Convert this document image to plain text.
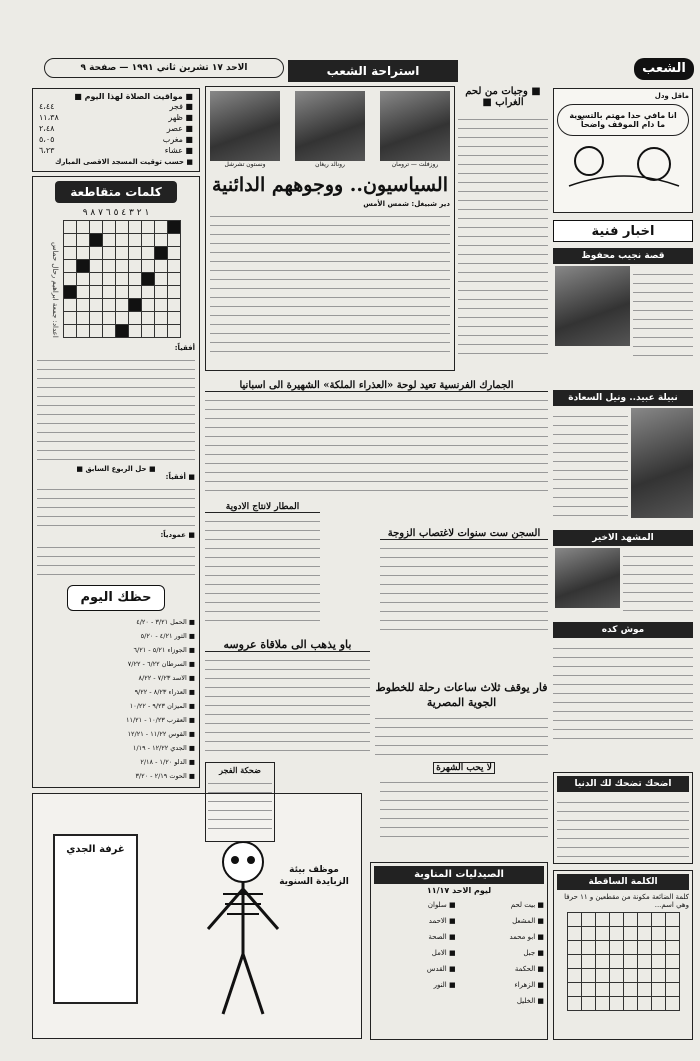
الشعب
الاحد ١٧ تشرين ثاني ١٩٩١ — صفحة ٩
■ مواقيت الصلاة لهذا اليوم ■
■ فجر
٤،٤٤
■ ظهر
١١،٣٨
■ عصر
٢،٤٨
■ مغرب
٥،٠٥
■ عشاء
٦،٢٣
■ حسب توقيت المسجد الاقصى المبارك
كلمات متقاطعة
١ ٢ ٣ ٤ ٥ ٦ ٧ ٨ ٩

اعداد: جمعة ابراهيم رحال حماس
أفقياً:
■ حل الربوع السابق ■
■ أفقياً:
■ عمودياً:
حظك اليوم
■ الحمل ٣/٢١ - ٤/٢٠
■ الثور ٤/٢١ - ٥/٢٠
■ الجوزاء ٥/٢١ - ٦/٢١
■ السرطان ٦/٢٢ - ٧/٢٢
■ الاسد ٧/٢٣ - ٨/٢٢
■ العذراء ٨/٢٣ - ٩/٢٢
■ الميزان ٩/٢٣ - ١٠/٢٢
■ العقرب ١٠/٢٣ - ١١/٢١
■ القوس ١١/٢٢ - ١٢/٢١
■ الجدي ١٢/٢٢ - ١/١٩
■ الدلو ١/٢٠ - ٢/١٨
■ الحوت ٢/١٩ - ٣/٢٠
غرفة الجدي
موظف بيئة الزبايدة السنوية
استراحة الشعب
روزفلت — ترومان
رونالد ريغان
ونستون تشرشل
السياسيون.. ووجوههم الدائنية
دير شبيغل: شمس الأمس
■ وجبات من لحم الغراب ■
الجمارك الفرنسية تعيد لوحة «العذراء الملكة» الشهيرة الى اسبانيا
المطار لانتاج الادوية
السجن ست سنوات لاغتصاب الزوجة
باو يذهب الى ملاقاة عروسه
فار يوقف ثلاث ساعات رحلة للخطوط الجوية المصرية
ضحكة الفجر	لا يحب الشهرة
الصيدليات المناوبة
ليوم الاحد ١١/١٧
■ بيت لحم
■ المشعل
■ ابو محمد
■ جبل
■ الحكمة
■ الزهراء
■ الخليل
■ سلوان
■ الاحمد
■ الصحة
■ الامل
■ القدس
■ النور
ماقل ودل
انا مافي حدا مهتم بالتسوية ما دام الموقف واضحاً
اخبار فنية
قصة نجيب محفوظ
نبيلة عبيد.. ونيل السعادة
المشهد الاخير
موش كده
اضحك تضحك لك الدنيا
الكلمة الساقطة
كلمة الضائعة مكونة من مقطعين و ١١ حرفا وهي اسم...
